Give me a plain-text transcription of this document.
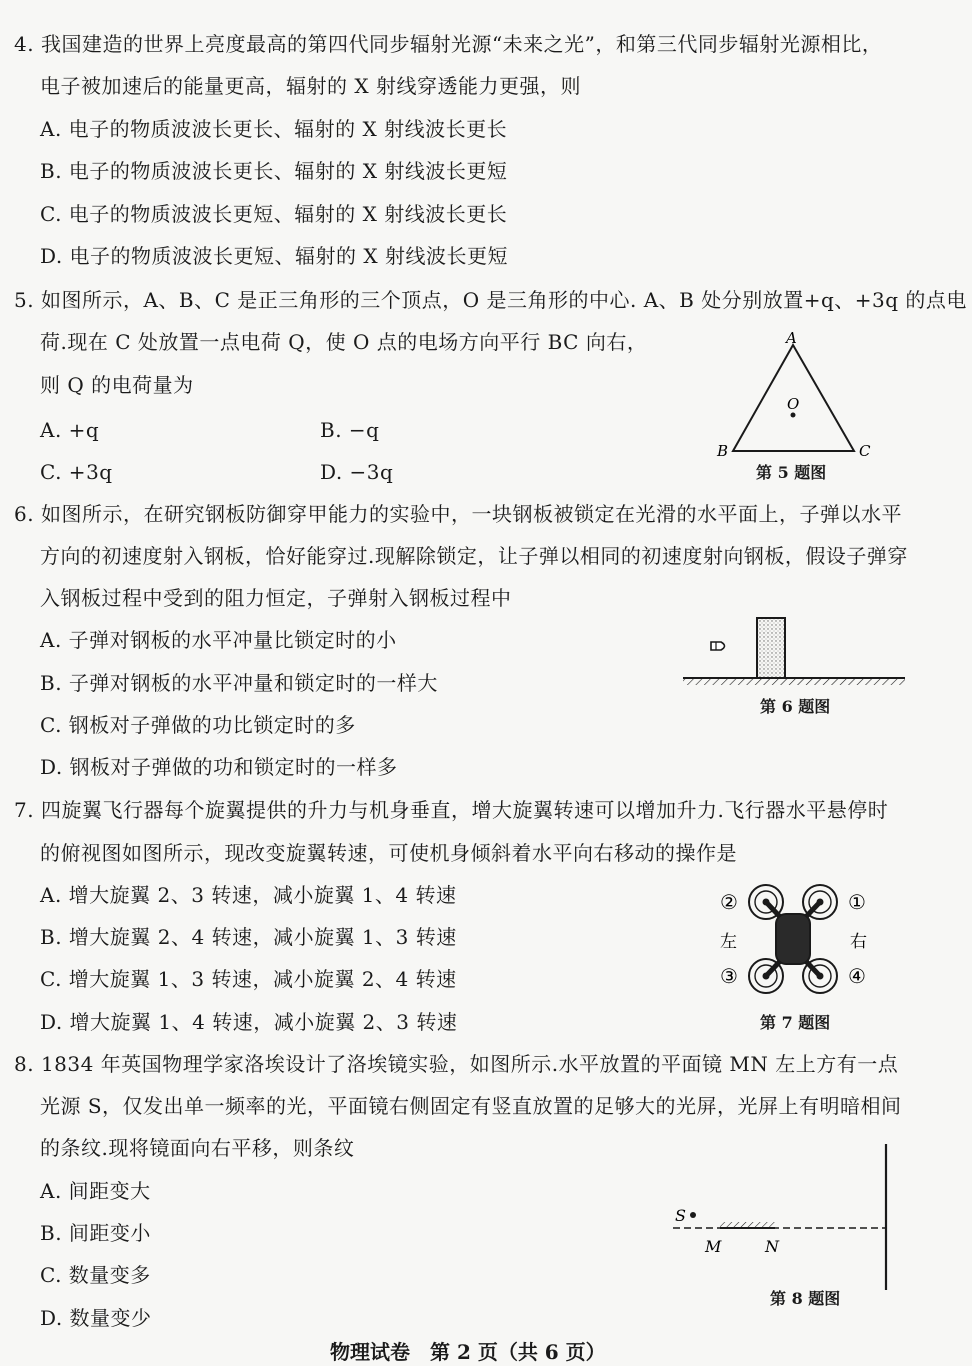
4. 我国建造的世界上亮度最高的第四代同步辐射光源“未来之光”，和第三代同步辐射光源相比，
电子被加速后的能量更高，辐射的 X 射线穿透能力更强，则
A. 电子的物质波波长更长、辐射的 X 射线波长更长
B. 电子的物质波波长更长、辐射的 X 射线波长更短
C. 电子的物质波波长更短、辐射的 X 射线波长更长
D. 电子的物质波波长更短、辐射的 X 射线波长更短
5. 如图所示，A、B、C 是正三角形的三个顶点，O 是三角形的中心. A、B 处分别放置+q、+3q 的点电
荷.现在 C 处放置一点电荷 Q，使 O 点的电场方向平行 BC 向右，
则 Q 的电荷量为
A. +q	B. −q
C. +3q	D. −3q
A
B	C
O
第 5 题图
6. 如图所示，在研究钢板防御穿甲能力的实验中，一块钢板被锁定在光滑的水平面上，子弹以水平
方向的初速度射入钢板，恰好能穿过.现解除锁定，让子弹以相同的初速度射向钢板，假设子弹穿
入钢板过程中受到的阻力恒定，子弹射入钢板过程中
A. 子弹对钢板的水平冲量比锁定时的小
B. 子弹对钢板的水平冲量和锁定时的一样大
C. 钢板对子弹做的功比锁定时的多
D. 钢板对子弹做的功和锁定时的一样多
第 6 题图
7. 四旋翼飞行器每个旋翼提供的升力与机身垂直，增大旋翼转速可以增加升力.飞行器水平悬停时
的俯视图如图所示，现改变旋翼转速，可使机身倾斜着水平向右移动的操作是
A. 增大旋翼 2、3 转速，减小旋翼 1、4 转速
B. 增大旋翼 2、4 转速，减小旋翼 1、3 转速
C. 增大旋翼 1、3 转速，减小旋翼 2、4 转速
D. 增大旋翼 1、4 转速，减小旋翼 2、3 转速
①
②
③	④
左	右
第 7 题图
8. 1834 年英国物理学家洛埃设计了洛埃镜实验，如图所示.水平放置的平面镜 MN 左上方有一点
光源 S，仅发出单一频率的光，平面镜右侧固定有竖直放置的足够大的光屏，光屏上有明暗相间
的条纹.现将镜面向右平移，则条纹
A. 间距变大
B. 间距变小
C. 数量变多
D. 数量变少
S
M	N
第 8 题图
物理试卷　第 2 页（共 6 页）
